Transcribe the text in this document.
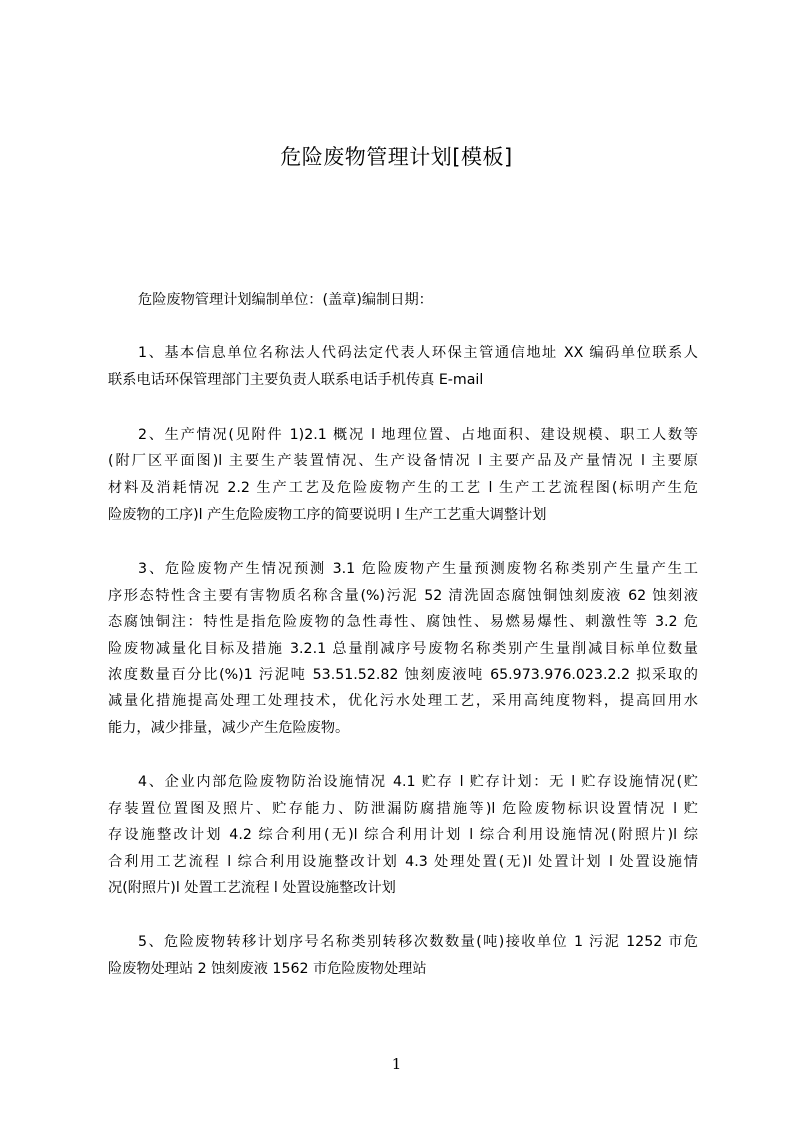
危险废物管理计划[模板]
危险废物管理计划编制单位：(盖章)编制日期：
1、基本信息单位名称法人代码法定代表人环保主管通信地址 XX 编码单位联系人
联系电话环保管理部门主要负责人联系电话手机传真 E-mail
2、生产情况(见附件 1)2.1 概况 l 地理位置、占地面积、建设规模、职工人数等
(附厂区平面图)l 主要生产装置情况、生产设备情况 l 主要产品及产量情况 l 主要原
材料及消耗情况 2.2 生产工艺及危险废物产生的工艺 l 生产工艺流程图(标明产生危
险废物的工序)l 产生危险废物工序的简要说明 l 生产工艺重大调整计划
3、危险废物产生情况预测 3.1 危险废物产生量预测废物名称类别产生量产生工
序形态特性含主要有害物质名称含量(%)污泥 52 清洗固态腐蚀铜蚀刻废液 62 蚀刻液
态腐蚀铜注：特性是指危险废物的急性毒性、腐蚀性、易燃易爆性、刺激性等 3.2 危
险废物减量化目标及措施 3.2.1 总量削减序号废物名称类别产生量削减目标单位数量
浓度数量百分比(%)1 污泥吨 53.51.52.82 蚀刻废液吨 65.973.976.023.2.2 拟采取的
减量化措施提高处理工处理技术，优化污水处理工艺，采用高纯度物料，提高回用水
能力，减少排量，减少产生危险废物。
4、企业内部危险废物防治设施情况 4.1 贮存 l 贮存计划：无 l 贮存设施情况(贮
存装置位置图及照片、贮存能力、防泄漏防腐措施等)l 危险废物标识设置情况 l 贮
存设施整改计划 4.2 综合利用(无)l 综合利用计划 l 综合利用设施情况(附照片)l 综
合利用工艺流程 l 综合利用设施整改计划 4.3 处理处置(无)l 处置计划 l 处置设施情
况(附照片)l 处置工艺流程 l 处置设施整改计划
5、危险废物转移计划序号名称类别转移次数数量(吨)接收单位 1 污泥 1252 市危
险废物处理站 2 蚀刻废液 1562 市危险废物处理站
1
